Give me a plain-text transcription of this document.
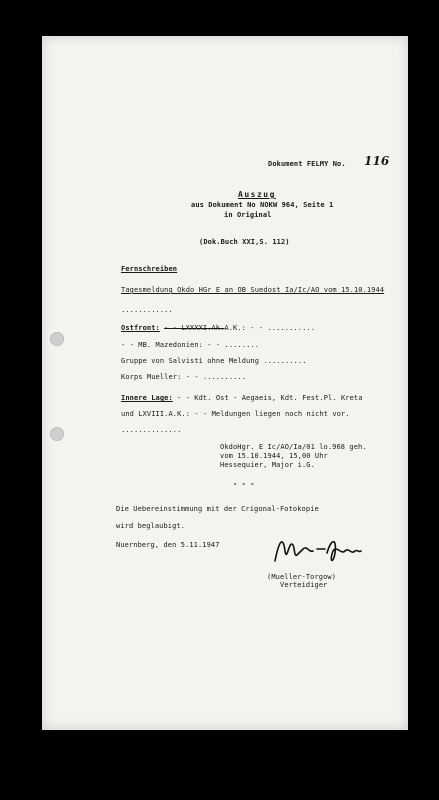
Dokument FELMY No. 116
Auszug
aus Dokument No NOKW 964, Seite 1
in Original
(Dok.Buch XXI,S. 112)
Fernschreiben
Tagesmeldung Okdo HGr E an OB Suedost Ia/Ic/AO vom 15.10.1944
............
Ostfront: - - LXXXXI.Ak.A.K.: - - ...........
- - MB. Mazedonien: - - ........
Gruppe von Salvisti ohne Meldung ..........
Korps Mueller: - - ..........
Innere Lage: - - Kdt. Ost - Aegaeis, Kdt. Fest.Pl. Kreta
und LXVIII.A.K.: - - Meldungen liegen noch nicht vor.
..............
OkdoHgr. E Ic/AO/Ia/01 lo.968 geh.
vom 15.10.1944, 15,00 Uhr
Hessequier, Major i.G.
- - -
Die Uebereinstimmung mit der Crigonal-Fotokopie
wird beglaubigt.
Nuernberg, den 5.11.1947
(Mueller-Torgow)
Verteidiger
